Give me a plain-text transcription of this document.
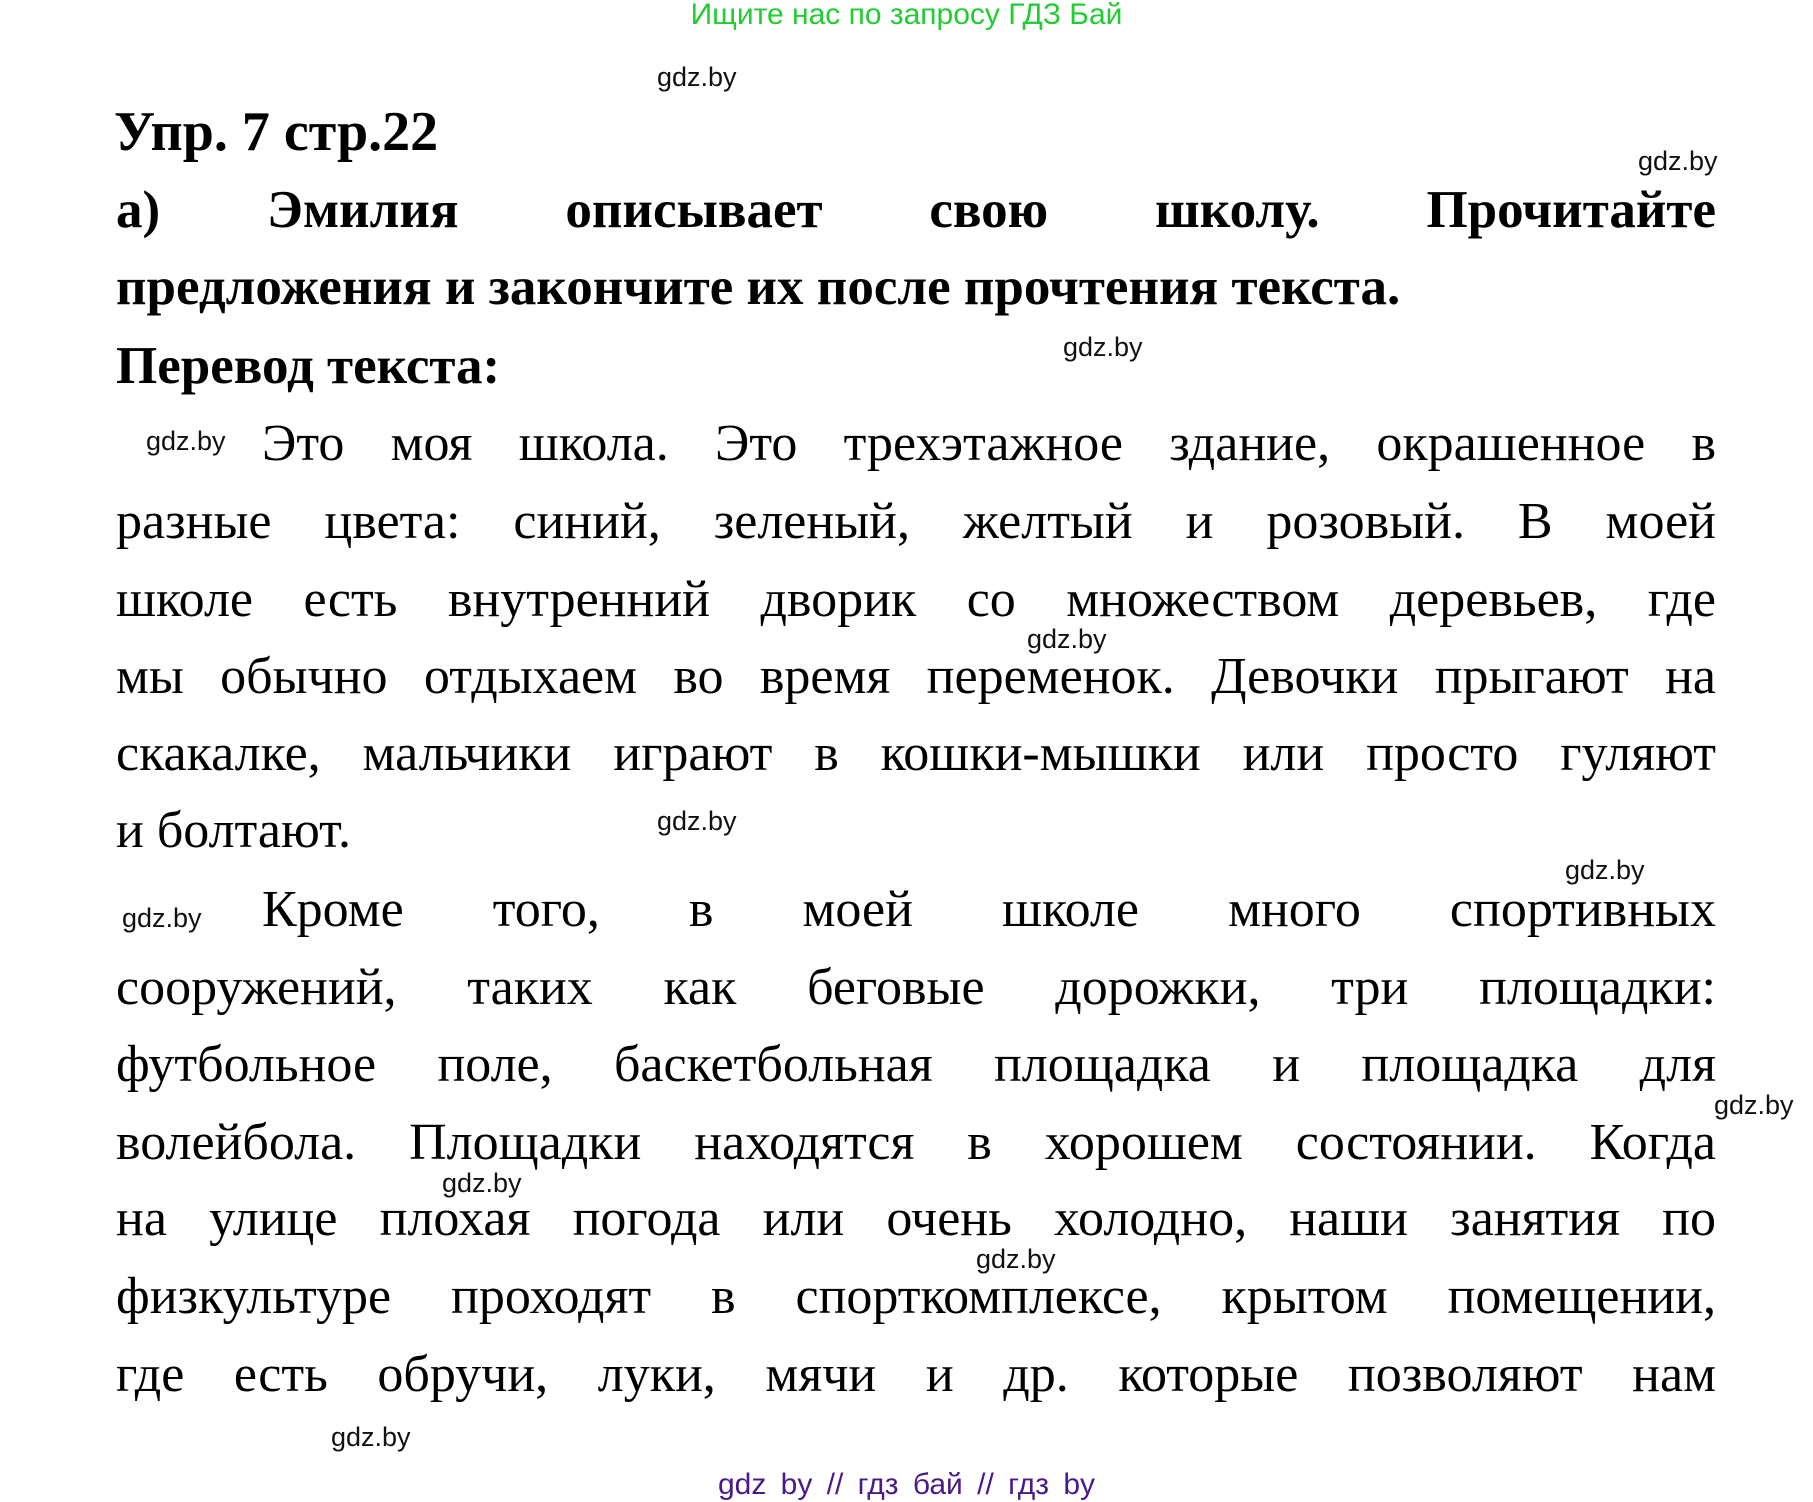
Ищите нас по запросу ГДЗ Бай
Упр. 7 стр.22
а) Эмилия описывает свою школу. Прочитайте
предложения и закончите их после прочтения текста.
Перевод текста:
Это моя школа. Это трехэтажное здание, окрашенное в
разные цвета: синий, зеленый, желтый и розовый. В моей
школе есть внутренний дворик со множеством деревьев, где
мы обычно отдыхаем во время переменок. Девочки прыгают на
скакалке, мальчики играют в кошки-мышки или просто гуляют
и болтают.
Кроме того, в моей школе много спортивных
сооружений, таких как беговые дорожки, три площадки:
футбольное поле, баскетбольная площадка и площадка для
волейбола. Площадки находятся в хорошем состоянии. Когда
на улице плохая погода или очень холодно, наши занятия по
физкультуре проходят в спорткомплексе, крытом помещении,
где есть обручи, луки, мячи и др. которые позволяют нам
gdz.by
gdz.by
gdz.by
gdz.by
gdz.by
gdz.by
gdz.by
gdz.by
gdz.by
gdz.by
gdz.by
gdz.by
gdz by // гдз бай // гдз by
